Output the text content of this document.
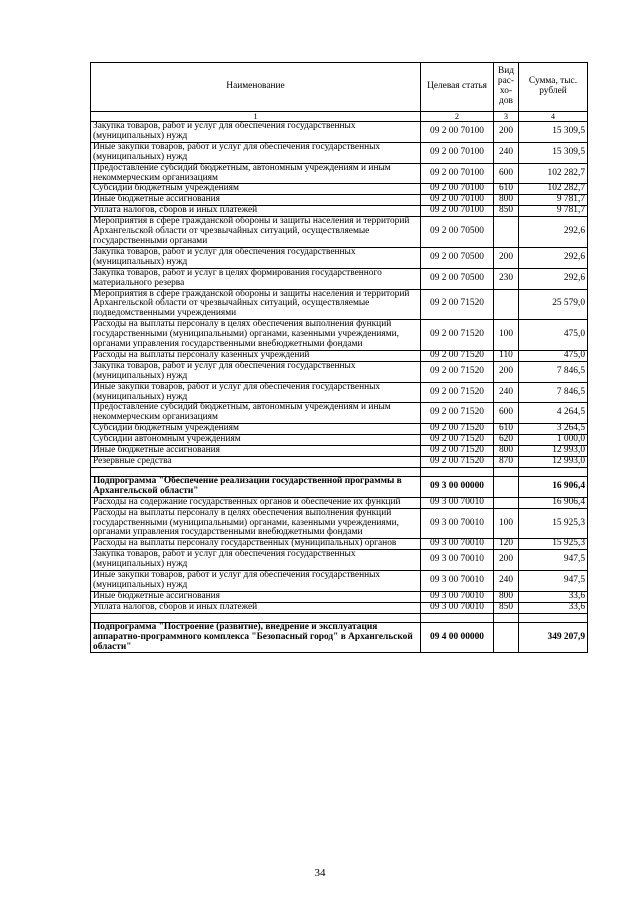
Наименование	Целевая статья	Вид рас-хо-дов	Сумма, тыс. рублей
1	2	3	4
Закупка товаров, работ и услуг для обеспечения государственных (муниципальных) нужд	09 2 00 70100	200	15 309,5
Иные закупки товаров, работ и услуг для обеспечения государственных (муниципальных) нужд	09 2 00 70100	240	15 309,5
Предоставление субсидий бюджетным, автономным учреждениям и иным некоммерческим организациям	09 2 00 70100	600	102 282,7
Субсидии бюджетным учреждениям	09 2 00 70100	610	102 282,7
Иные бюджетные ассигнования	09 2 00 70100	800	9 781,7
Уплата налогов, сборов и иных платежей	09 2 00 70100	850	9 781,7
Мероприятия в сфере гражданской обороны и защиты населения и территорий Архангельской области от чрезвычайных ситуаций, осуществляемые государственными органами	09 2 00 70500		292,6
Закупка товаров, работ и услуг для обеспечения государственных (муниципальных) нужд	09 2 00 70500	200	292,6
Закупка товаров, работ и услуг в целях формирования государственного материального резерва	09 2 00 70500	230	292,6
Мероприятия в сфере гражданской обороны и защиты населения и территорий Архангельской области от чрезвычайных ситуаций, осуществляемые подведомственными учреждениями	09 2 00 71520		25 579,0
Расходы на выплаты персоналу в целях обеспечения выполнения функций государственными (муниципальными) органами, казенными учреждениями, органами управления государственными внебюджетными фондами	09 2 00 71520	100	475,0
Расходы на выплаты персоналу казенных учреждений	09 2 00 71520	110	475,0
Закупка товаров, работ и услуг для обеспечения государственных (муниципальных) нужд	09 2 00 71520	200	7 846,5
Иные закупки товаров, работ и услуг для обеспечения государственных (муниципальных) нужд	09 2 00 71520	240	7 846,5
Предоставление субсидий бюджетным, автономным учреждениям и иным некоммерческим организациям	09 2 00 71520	600	4 264,5
Субсидии бюджетным учреждениям	09 2 00 71520	610	3 264,5
Субсидии автономным учреждениям	09 2 00 71520	620	1 000,0
Иные бюджетные ассигнования	09 2 00 71520	800	12 993,0
Резервные средства	09 2 00 71520	870	12 993,0

Подпрограмма "Обеспечение реализации государственной программы в Архангельской области"	09 3 00 00000		16 906,4
Расходы на содержание государственных органов и обеспечение их функций	09 3 00 70010		16 906,4
Расходы на выплаты персоналу в целях обеспечения выполнения функций государственными (муниципальными) органами, казенными учреждениями, органами управления государственными внебюджетными фондами	09 3 00 70010	100	15 925,3
Расходы на выплаты персоналу государственных (муниципальных) органов	09 3 00 70010	120	15 925,3
Закупка товаров, работ и услуг для обеспечения государственных (муниципальных) нужд	09 3 00 70010	200	947,5
Иные закупки товаров, работ и услуг для обеспечения государственных (муниципальных) нужд	09 3 00 70010	240	947,5
Иные бюджетные ассигнования	09 3 00 70010	800	33,6
Уплата налогов, сборов и иных платежей	09 3 00 70010	850	33,6

Подпрограмма "Построение (развитие), внедрение и эксплуатация аппаратно-программного комплекса "Безопасный город" в Архангельской области"	09 4 00 00000		349 207,9
34
